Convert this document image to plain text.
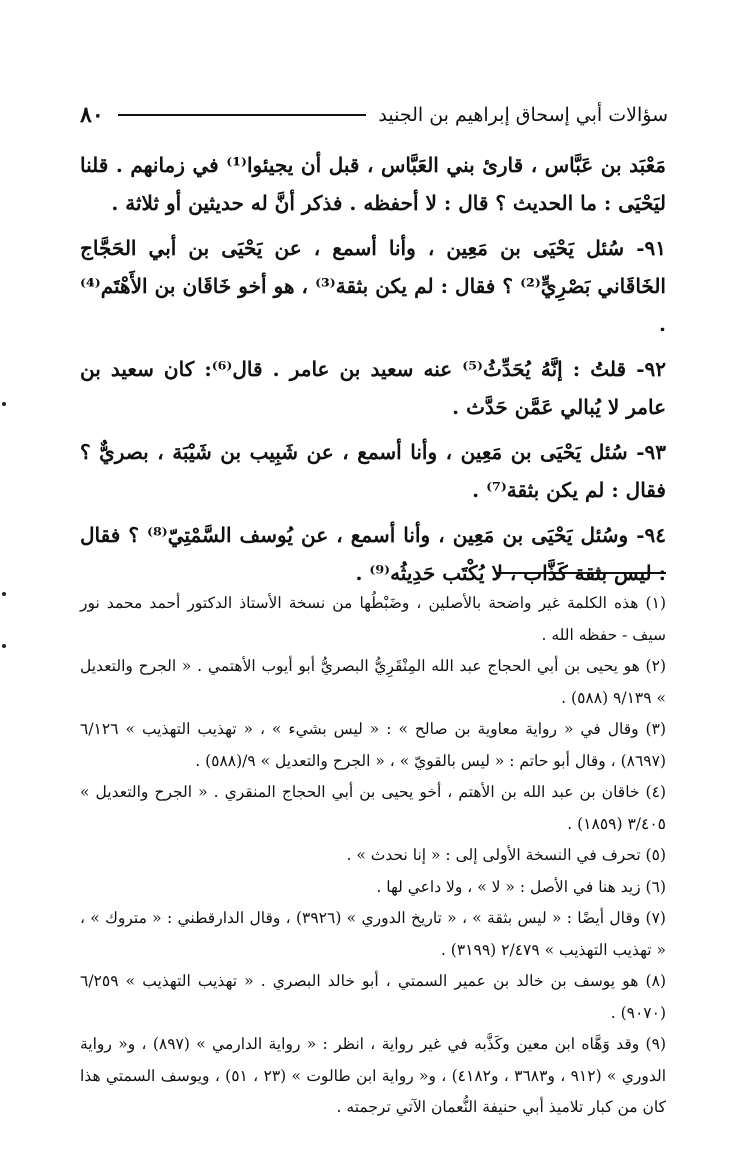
سؤالات أبي إسحاق إبراهيم بن الجنيد
٨٠

مَعْبَد بن عَبَّاس ، قارئ بني العَبَّاس ، قبل أن يجيئوا⁽¹⁾ في زمانهم . قلنا ليَحْيَى : ما الحديث ؟ قال : لا أحفظه . فذكر أنَّ له حديثين أو ثلاثة .

٩١- سُئل يَحْيَى بن مَعِين ، وأنا أسمع ، عن يَحْيَى بن أبي الحَجَّاج الخَاقَاني بَصْرِيٍّ⁽²⁾ ؟ فقال : لم يكن بثقة⁽³⁾ ، هو أخو خَاقَان بن الأَهْتَم⁽⁴⁾ .

٩٢- قلتُ : إنَّهُ يُحَدِّثُ⁽⁵⁾ عنه سعيد بن عامر . قال⁽⁶⁾: كان سعيد بن عامر لا يُبالي عَمَّن حَدَّث .

٩٣- سُئل يَحْيَى بن مَعِين ، وأنا أسمع ، عن شَبِيب بن شَيْبَة ، بصريٌّ ؟ فقال : لم يكن بثقة⁽⁷⁾ .

٩٤- وسُئل يَحْيَى بن مَعِين ، وأنا أسمع ، عن يُوسف السَّمْتِيّ⁽⁸⁾ ؟ فقال : ليس بثقة كَذَّاب ، لا يُكْتَب حَدِيثُه⁽⁹⁾ .

(١) هذه الكلمة غير واضحة بالأصلين ، وضَبْطُها من نسخة الأستاذ الدكتور أحمد محمد نور سيف - حفظه الله .

(٢) هو يحيى بن أبي الحجاج عبد الله المِنْقَرِيُّ البصريُّ أبو أيوب الأهتمي . « الجرح والتعديل » ٩/١٣٩ (٥٨٨) .

(٣) وقال في « رواية معاوية بن صالح » : « ليس بشيء » ، « تهذيب التهذيب » ٦/١٢٦ (٨٦٩٧) ، وقال أبو حاتم : « ليس بالقويّ » ، « الجرح والتعديل » ٩/(٥٨٨) .

(٤) خاقان بن عبد الله بن الأهتم ، أخو يحيى بن أبي الحجاج المنقري . « الجرح والتعديل » ٣/٤٠٥ (١٨٥٩) .

(٥) تحرف في النسخة الأولى إلى : « إنا نحدث » .

(٦) زيد هنا في الأصل : « لا » ، ولا داعي لها .

(٧) وقال أيضًا : « ليس بثقة » ، « تاريخ الدوري » (٣٩٢٦) ، وقال الدارقطني : « متروك » ، « تهذيب التهذيب » ٢/٤٧٩ (٣١٩٩) .

(٨) هو يوسف بن خالد بن عمير السمتي ، أبو خالد البصري . « تهذيب التهذيب » ٦/٢٥٩ (٩٠٧٠) .

(٩) وقد وَهَّاه ابن معين وكَذَّبه في غير رواية ، انظر : « رواية الدارمي » (٨٩٧) ، و« رواية الدوري » (٩١٢ ، و٣٦٨٣ ، و٤١٨٢) ، و« رواية ابن طالوت » (٢٣ ، ٥١) ، ويوسف السمتي هذا كان من كبار تلاميذ أبي حنيفة النُّعمان الآتي ترجمته .
